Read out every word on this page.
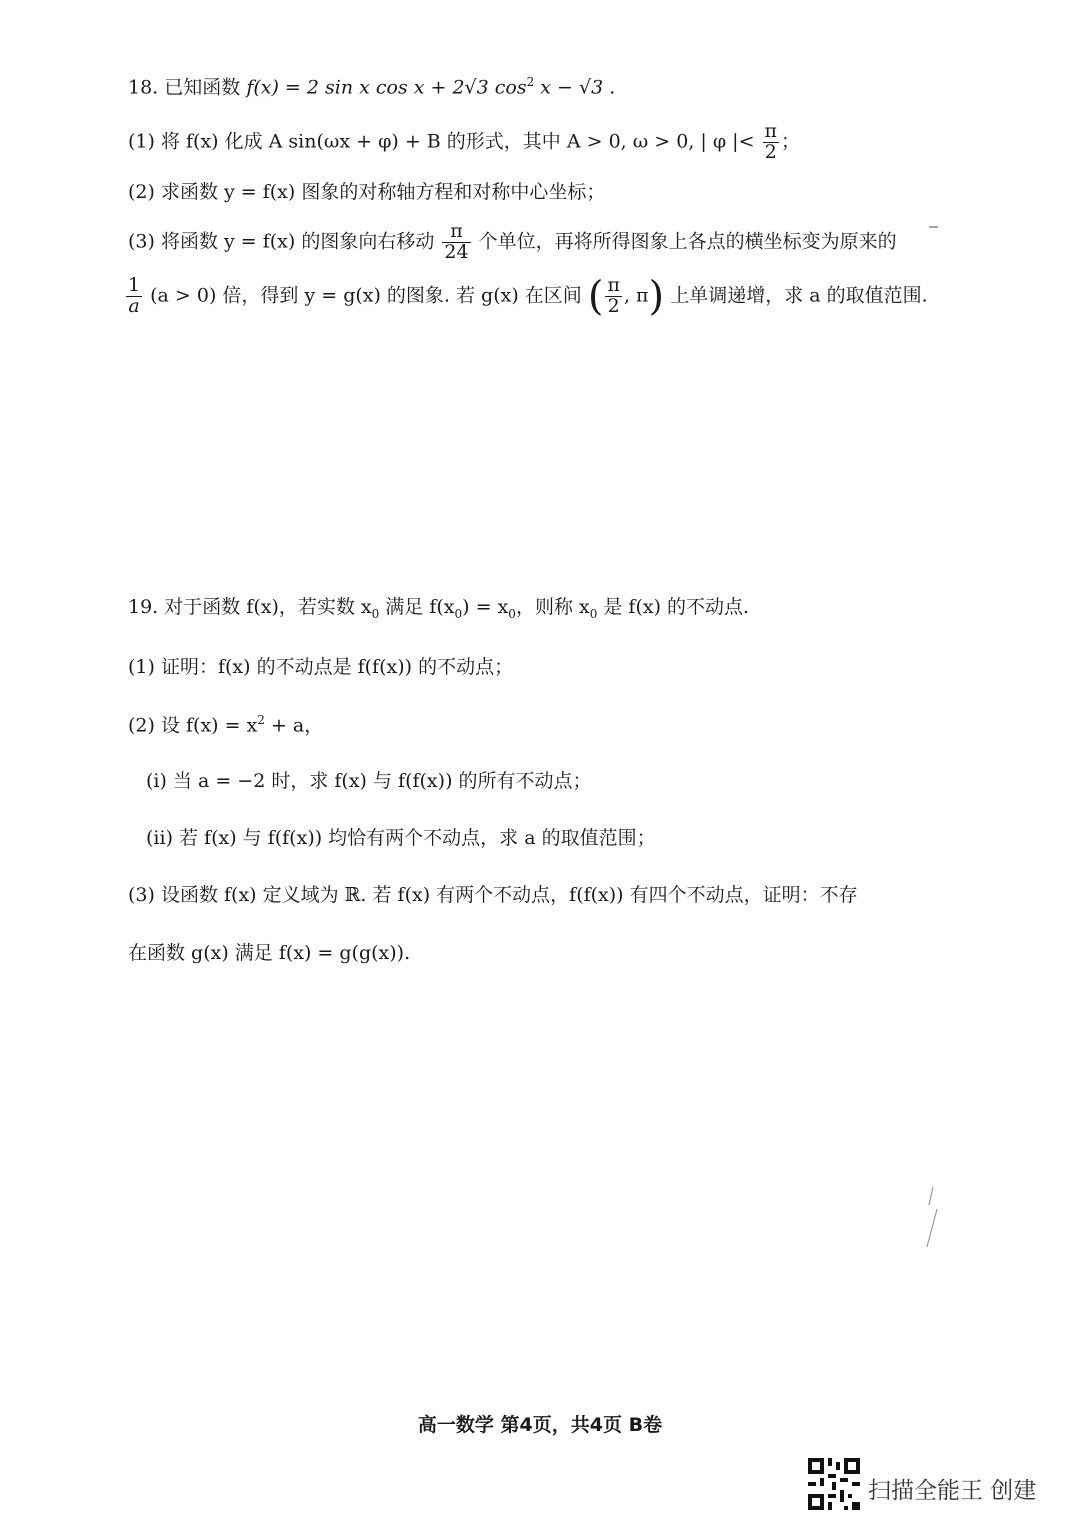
18. 已知函数 f(x) = 2 sin x cos x + 2√3 $\cos^2 x - √3$ .
(1) 将 f(x) 化成 A sin(ωx + φ) + B 的形式，其中 A > 0, ω > 0, | φ |< $\frac{\pi}{2}$ ；
(2) 求函数 y = f(x) 图象的对称轴方程和对称中心坐标；
(3) 将函数 y = f(x) 的图象向右移动 $\frac{\pi}{24}$ 个单位，再将所得图象上各点的横坐标变为原来的
$\frac{1}{a} (a > 0)$ 倍，得到 y = g(x) 的图象. 若 g(x) 在区间 ( $\frac{\pi}{2}$ , π) 上单调递增，求 a 的取值范围.
19. 对于函数 f(x)，若实数 $x_0$ 满足 $f(x_0) = x_0$，则称 $x_0$ 是 f(x) 的不动点.
(1) 证明：f(x) 的不动点是 f(f(x)) 的不动点；
(2) 设 $f(x) = x^2 + a$，
(i) 当 a = −2 时，求 f(x) 与 f(f(x)) 的所有不动点；
(ii) 若 f(x) 与 f(f(x)) 均恰有两个不动点，求 a 的取值范围；
(3) 设函数 f(x) 定义域为 ℝ. 若 f(x) 有两个不动点，f(f(x)) 有四个不动点，证明：不存
在函数 g(x) 满足 f(x) = g(g(x)).
高一数学 第4页，共4页 B卷
扫描全能王 创建
